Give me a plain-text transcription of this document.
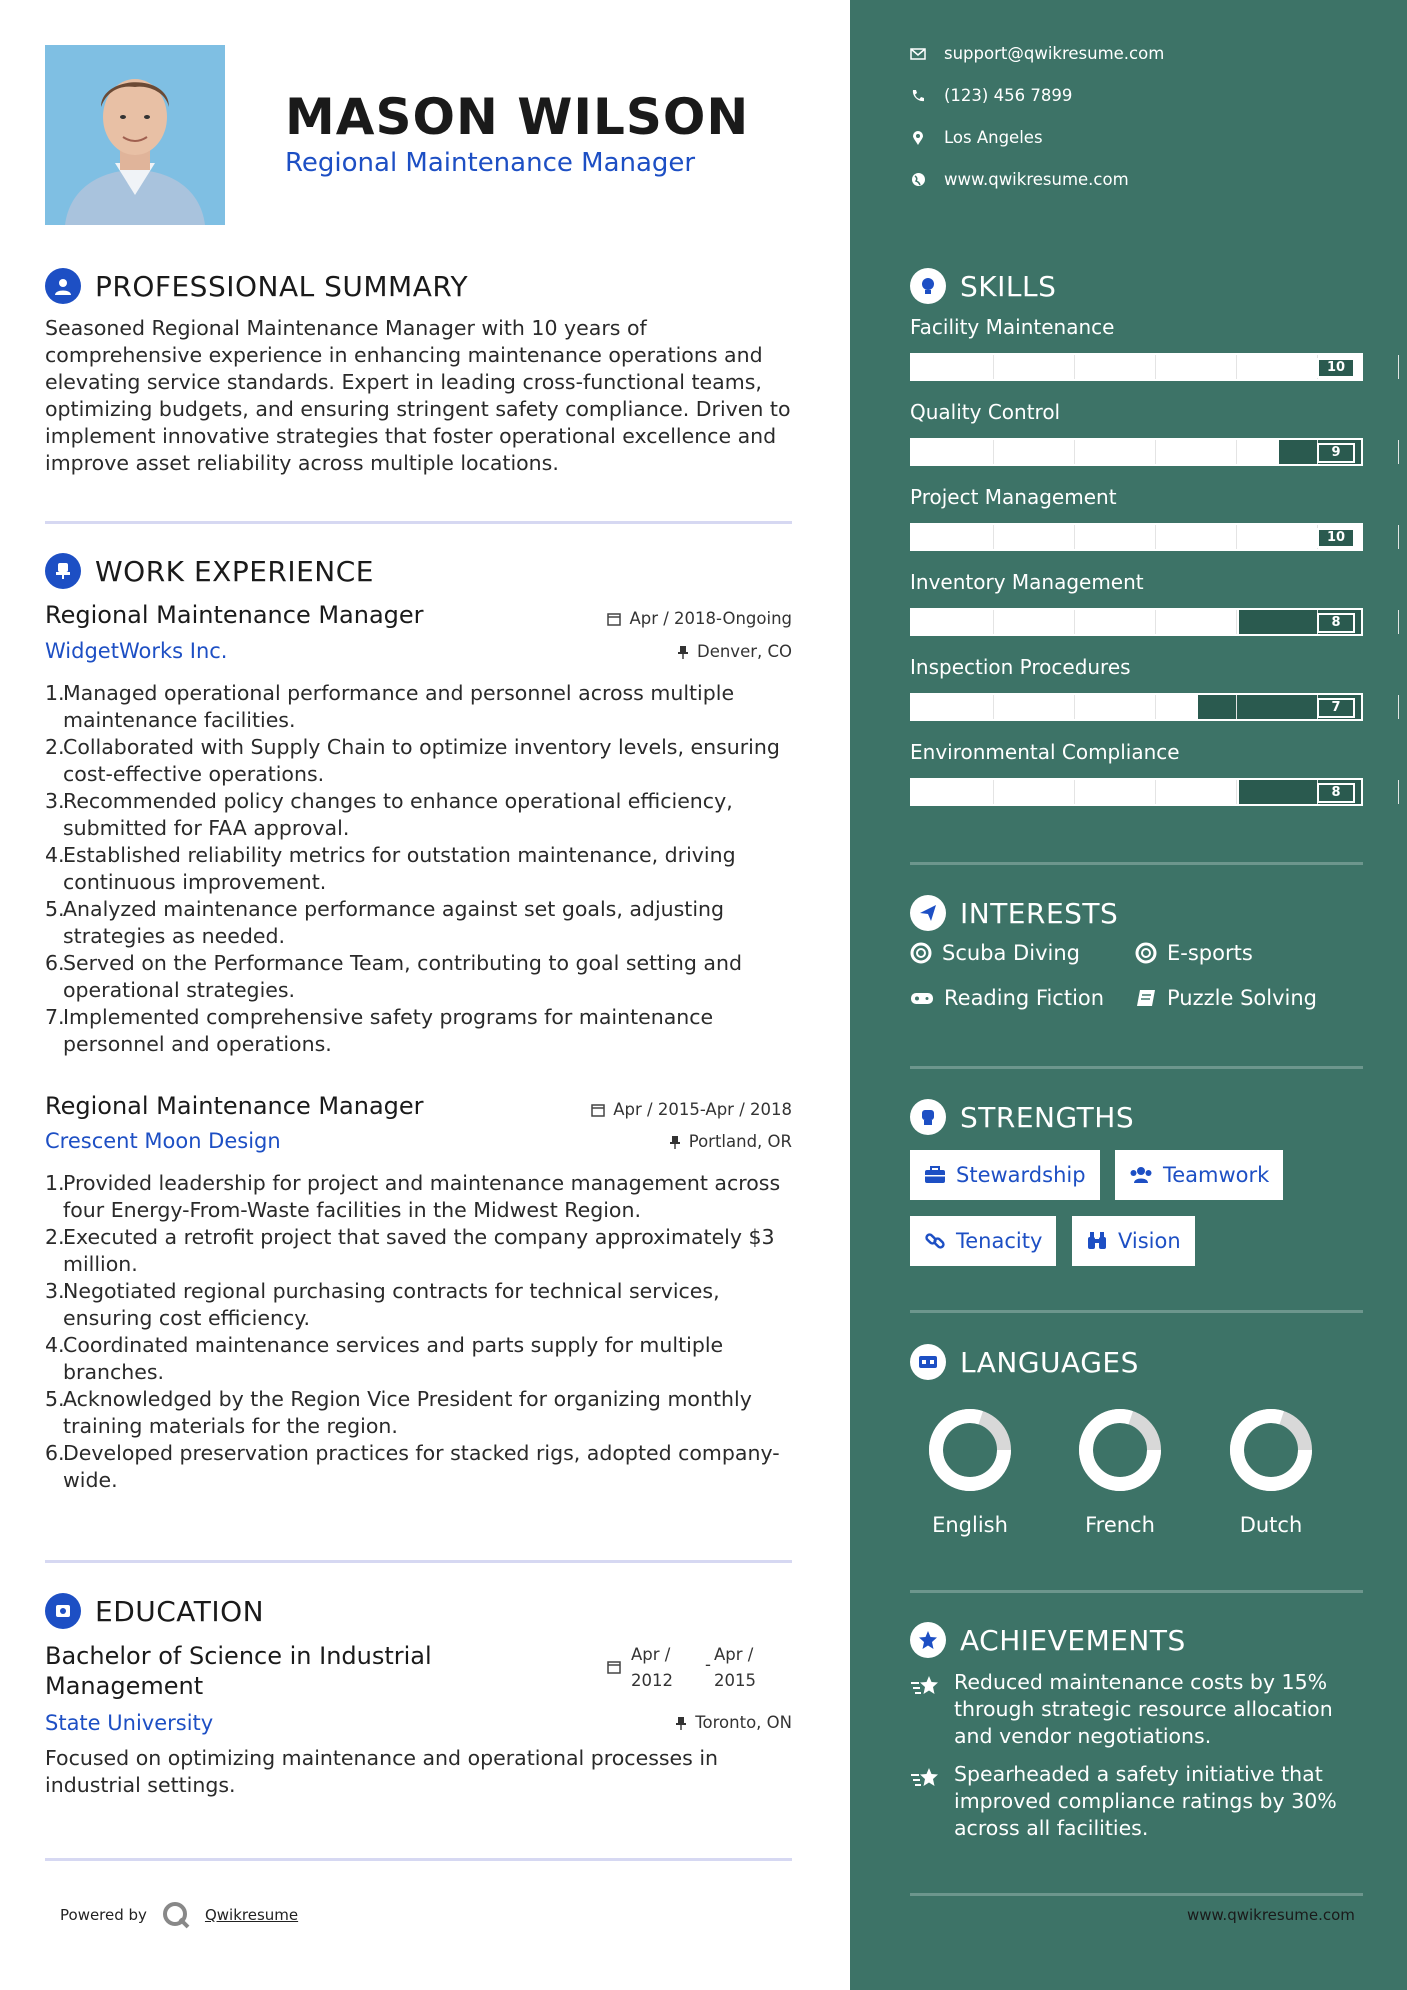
MASON WILSON
Regional Maintenance Manager
PROFESSIONAL SUMMARY
Seasoned Regional Maintenance Manager with 10 years of comprehensive experience in enhancing maintenance operations and elevating service standards. Expert in leading cross-functional teams, optimizing budgets, and ensuring stringent safety compliance. Driven to implement innovative strategies that foster operational excellence and improve asset reliability across multiple locations.
WORK EXPERIENCE
Regional Maintenance Manager	Apr / 2018-Ongoing
WidgetWorks Inc.	Denver, CO
1.
Managed operational performance and personnel across multiple maintenance facilities.
2.
Collaborated with Supply Chain to optimize inventory levels, ensuring cost-effective operations.
3.
Recommended policy changes to enhance operational efficiency, submitted for FAA approval.
4.
Established reliability metrics for outstation maintenance, driving continuous improvement.
5.
Analyzed maintenance performance against set goals, adjusting strategies as needed.
6.
Served on the Performance Team, contributing to goal setting and operational strategies.
7.
Implemented comprehensive safety programs for maintenance personnel and operations.
Regional Maintenance Manager	Apr / 2015-Apr / 2018
Crescent Moon Design	Portland, OR
1.
Provided leadership for project and maintenance management across four Energy-From-Waste facilities in the Midwest Region.
2.
Executed a retrofit project that saved the company approximately $3 million.
3.
Negotiated regional purchasing contracts for technical services, ensuring cost efficiency.
4.
Coordinated maintenance services and parts supply for multiple branches.
5.
Acknowledged by the Region Vice President for organizing monthly training materials for the region.
6.
Developed preservation practices for stacked rigs, adopted company-wide.
EDUCATION
Bachelor of Science in Industrial Management
Apr / 2012
-
Apr / 2015
State University	Toronto, ON
Focused on optimizing maintenance and operational processes in industrial settings.
Powered by	Qwikresume
support@qwikresume.com
(123) 456 7899
Los Angeles
www.qwikresume.com
SKILLS
Facility Maintenance
10
Quality Control
9
Project Management
10
Inventory Management
8
Inspection Procedures
7
Environmental Compliance
8
INTERESTS
Scuba Diving	E-sports
Reading Fiction	Puzzle Solving
STRENGTHS
Stewardship	Teamwork
Tenacity	Vision
LANGUAGES
English	French	Dutch
ACHIEVEMENTS
Reduced maintenance costs by 15% through strategic resource allocation and vendor negotiations.
Spearheaded a safety initiative that improved compliance ratings by 30% across all facilities.
www.qwikresume.com
